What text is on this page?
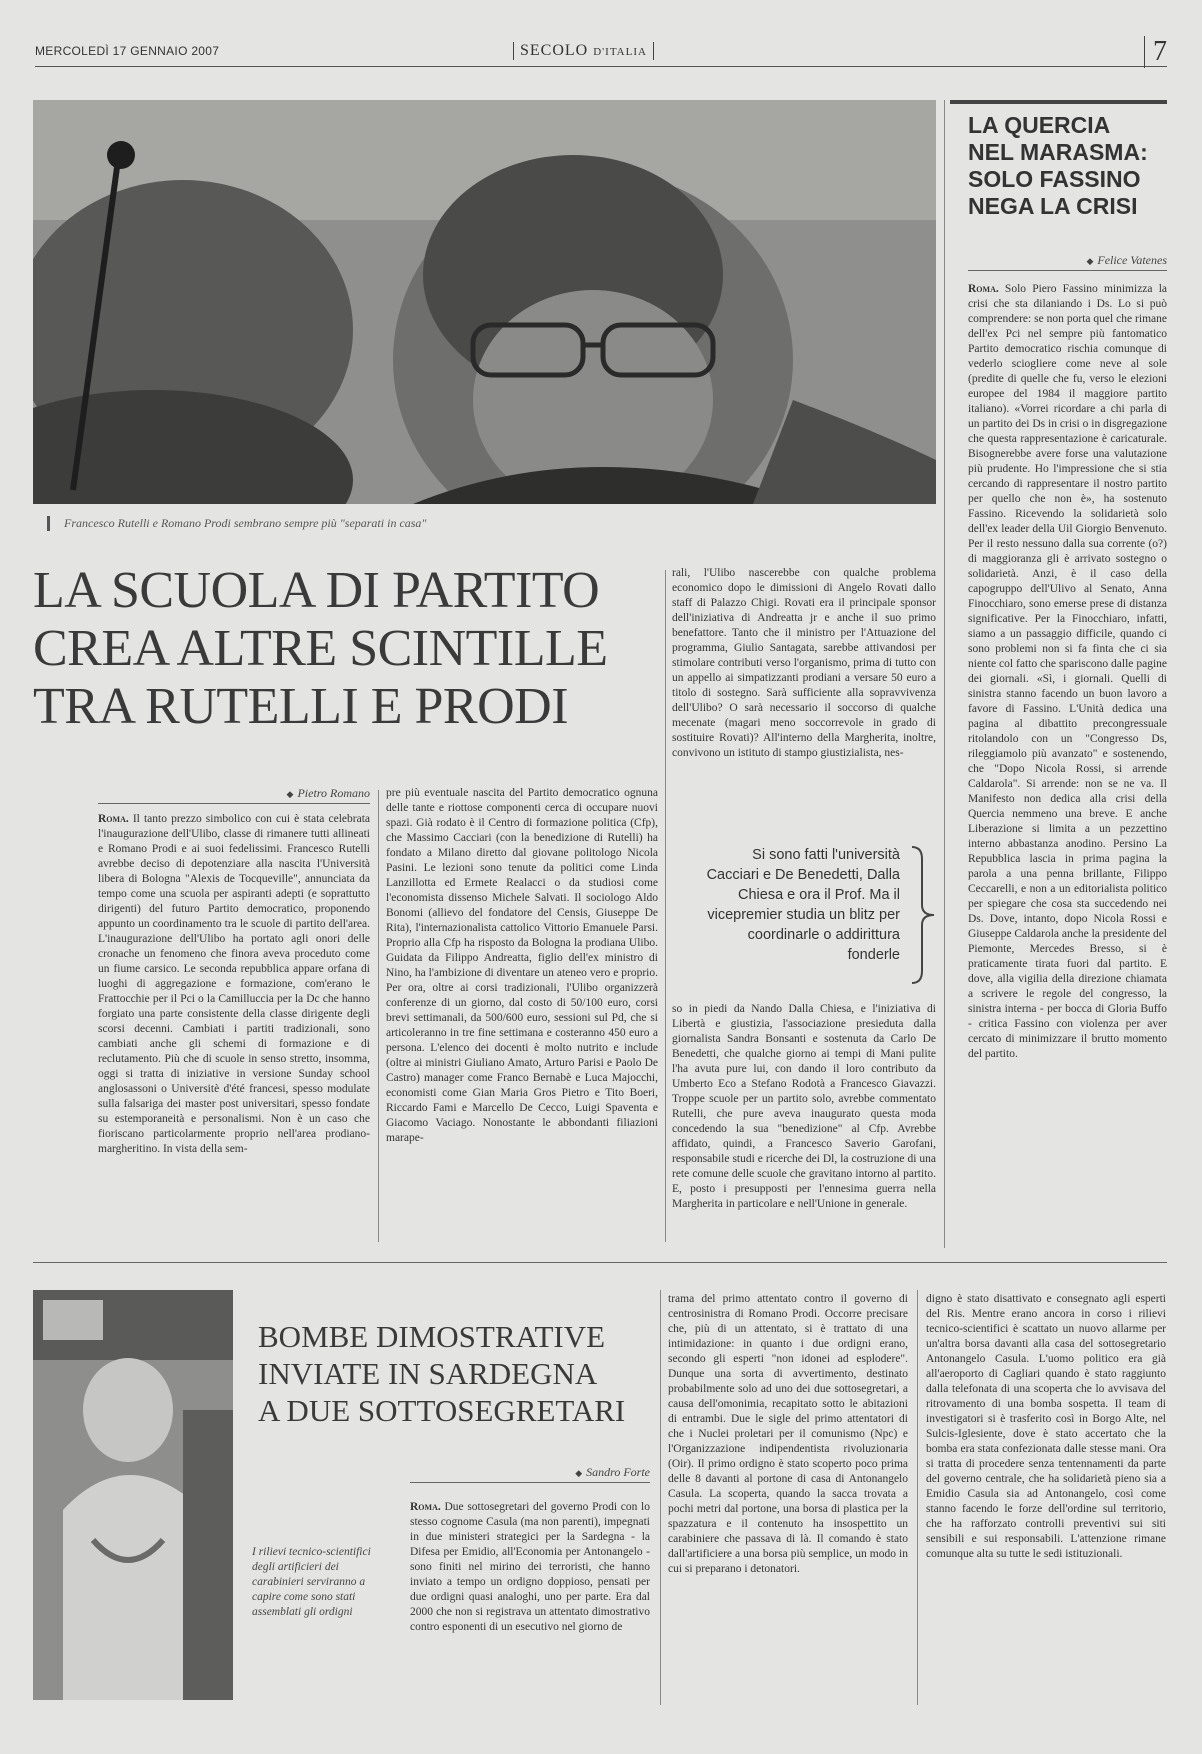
MERCOLEDÌ 17 GENNAIO 2007	SECOLO D'ITALIA	7
Francesco Rutelli e Romano Prodi sembrano sempre più "separati in casa"
LA SCUOLA DI PARTITO
CREA ALTRE SCINTILLE
TRA RUTELLI E PRODI
◆ Pietro Romano

Roma. Il tanto prezzo simbolico con cui è stata celebrata l'inaugurazione dell'Ulibo, classe di rimanere tutti allineati e Romano Prodi e ai suoi fedelissimi. Francesco Rutelli avrebbe deciso di depotenziare alla nascita l'Università libera di Bologna "Alexis de Tocqueville", annunciata da tempo come una scuola per aspiranti adepti (e soprattutto dirigenti) del futuro Partito democratico, proponendo appunto un coordinamento tra le scuole di partito dell'area. L'inaugurazione dell'Ulibo ha portato agli onori delle cronache un fenomeno che finora aveva proceduto come un fiume carsico. Le seconda repubblica appare orfana di luoghi di aggregazione e formazione, com'erano le Frattocchie per il Pci o la Camilluccia per la Dc che hanno forgiato una parte consistente della classe dirigente degli scorsi decenni. Cambiati i partiti tradizionali, sono cambiati anche gli schemi di formazione e di reclutamento. Più che di scuole in senso stretto, insomma, oggi si tratta di iniziative in versione Sunday school anglosassoni o Universitè d'été francesi, spesso modulate sulla falsariga dei master post universitari, spesso fondate su estemporaneità e personalismi. Non è un caso che fioriscano particolarmente proprio nell'area prodiano-margheritino. In vista della sem-

pre più eventuale nascita del Partito democratico ognuna delle tante e riottose componenti cerca di occupare nuovi spazi. Già rodato è il Centro di formazione politica (Cfp), che Massimo Cacciari (con la benedizione di Rutelli) ha fondato a Milano diretto dal giovane politologo Nicola Pasini. Le lezioni sono tenute da politici come Linda Lanzillotta ed Ermete Realacci o da studiosi come l'economista dissenso Michele Salvati. Il sociologo Aldo Bonomi (allievo del fondatore del Censis, Giuseppe De Rita), l'internazionalista cattolico Vittorio Emanuele Parsi. Proprio alla Cfp ha risposto da Bologna la prodiana Ulibo. Guidata da Filippo Andreatta, figlio dell'ex ministro di Nino, ha l'ambizione di diventare un ateneo vero e proprio. Per ora, oltre ai corsi tradizionali, l'Ulibo organizzerà conferenze di un giorno, dal costo di 50/100 euro, corsi brevi settimanali, da 500/600 euro, sessioni sul Pd, che si articoleranno in tre fine settimana e costeranno 450 euro a persona. L'elenco dei docenti è molto nutrito e include (oltre ai ministri Giuliano Amato, Arturo Parisi e Paolo De Castro) manager come Franco Bernabè e Luca Majocchi, economisti come Gian Maria Gros Pietro e Tito Boeri, Riccardo Fami e Marcello De Cecco, Luigi Spaventa e Giacomo Vaciago. Nonostante le abbondanti filiazioni marape-

rali, l'Ulibo nascerebbe con qualche problema economico dopo le dimissioni di Angelo Rovati dallo staff di Palazzo Chigi. Rovati era il principale sponsor dell'iniziativa di Andreatta jr e anche il suo primo benefattore. Tanto che il ministro per l'Attuazione del programma, Giulio Santagata, sarebbe attivandosi per stimolare contributi verso l'organismo, prima di tutto con un appello ai simpatizzanti prodiani a versare 50 euro a titolo di sostegno. Sarà sufficiente alla sopravvivenza dell'Ulibo? O sarà necessario il soccorso di qualche mecenate (magari meno soccorrevole in grado di sostituire Rovati)? All'interno della Margherita, inoltre, convivono un istituto di stampo giustizialista, nes-

Si sono fatti l'università Cacciari e De Benedetti, Dalla Chiesa e ora il Prof. Ma il vicepremier studia un blitz per coordinarle o addirittura fonderle

so in piedi da Nando Dalla Chiesa, e l'iniziativa di Libertà e giustizia, l'associazione presieduta dalla giornalista Sandra Bonsanti e sostenuta da Carlo De Benedetti, che qualche giorno ai tempi di Mani pulite l'ha avuta pure lui, con dando il loro contributo da Umberto Eco a Stefano Rodotà a Francesco Giavazzi. Troppe scuole per un partito solo, avrebbe commentato Rutelli, che pure aveva inaugurato questa moda concedendo la sua "benedizione" al Cfp. Avrebbe affidato, quindi, a Francesco Saverio Garofani, responsabile studi e ricerche dei Dl, la costruzione di una rete comune delle scuole che gravitano intorno al partito. E, posto i presupposti per l'ennesima guerra nella Margherita in particolare e nell'Unione in generale.

LA QUERCIA
NEL MARASMA:
SOLO FASSINO
NEGA LA CRISI
◆ Felice Vatenes

Roma. Solo Piero Fassino minimizza la crisi che sta dilaniando i Ds. Lo si può comprendere: se non porta quel che rimane dell'ex Pci nel sempre più fantomatico Partito democratico rischia comunque di vederlo sciogliere come neve al sole (predite di quelle che fu, verso le elezioni europee del 1984 il maggiore partito italiano). «Vorrei ricordare a chi parla di un partito dei Ds in crisi o in disgregazione che questa rappresentazione è caricaturale. Bisognerebbe avere forse una valutazione più prudente. Ho l'impressione che si stia cercando di rappresentare il nostro partito per quello che non è», ha sostenuto Fassino. Ricevendo la solidarietà solo dell'ex leader della Uil Giorgio Benvenuto. Per il resto nessuno dalla sua corrente (o?) di maggioranza gli è arrivato sostegno o solidarietà. Anzi, è il caso della capogruppo dell'Ulivo al Senato, Anna Finocchiaro, sono emerse prese di distanza significative. Per la Finocchiaro, infatti, siamo a un passaggio difficile, quando ci sono problemi non si fa finta che ci sia niente col fatto che spariscono dalle pagine dei giornali. «Sì, i giornali. Quelli di sinistra stanno facendo un buon lavoro a favore di Fassino. L'Unità dedica una pagina al dibattito precongressuale ritolandolo con un "Congresso Ds, rileggiamolo più avanzato" e sostenendo, che "Dopo Nicola Rossi, si arrende Caldarola". Si arrende: non se ne va. Il Manifesto non dedica alla crisi della Quercia nemmeno una breve. E anche Liberazione si limita a un pezzettino interno abbastanza anodino. Persino La Repubblica lascia in prima pagina la parola a una penna brillante, Filippo Ceccarelli, e non a un editorialista politico per spiegare che cosa sta succedendo nei Ds. Dove, intanto, dopo Nicola Rossi e Giuseppe Caldarola anche la presidente del Piemonte, Mercedes Bresso, si è praticamente tirata fuori dal partito. E dove, alla vigilia della direzione chiamata a scrivere le regole del congresso, la sinistra interna - per bocca di Gloria Buffo - critica Fassino con violenza per aver cercato di minimizzare il brutto momento del partito.

I rilievi tecnico-scientifici degli artificieri dei carabinieri serviranno a capire come sono stati assemblati gli ordigni
BOMBE DIMOSTRATIVE
INVIATE IN SARDEGNA
A DUE SOTTOSEGRETARI
◆ Sandro Forte

Roma. Due sottosegretari del governo Prodi con lo stesso cognome Casula (ma non parenti), impegnati in due ministeri strategici per la Sardegna - la Difesa per Emidio, all'Economia per Antonangelo - sono finiti nel mirino dei terroristi, che hanno inviato a tempo un ordigno doppioso, pensati per due ordigni quasi analoghi, uno per parte. Era dal 2000 che non si registrava un attentato dimostrativo contro esponenti di un esecutivo nel giorno de

trama del primo attentato contro il governo di centrosinistra di Romano Prodi. Occorre precisare che, più di un attentato, si è trattato di una intimidazione: in quanto i due ordigni erano, secondo gli esperti "non idonei ad esplodere". Dunque una sorta di avvertimento, destinato probabilmente solo ad uno dei due sottosegretari, a causa dell'omonimia, recapitato sotto le abitazioni di entrambi. Due le sigle del primo attentatori di che i Nuclei proletari per il comunismo (Npc) e l'Organizzazione indipendentista rivoluzionaria (Oir). Il primo ordigno è stato scoperto poco prima delle 8 davanti al portone di casa di Antonangelo Casula. La scoperta, quando la sacca trovata a pochi metri dal portone, una borsa di plastica per la spazzatura e il contenuto ha insospettito un carabiniere che passava di là. Il comando è stato dall'artificiere a una borsa più semplice, un modo in cui si preparano i detonatori.

digno è stato disattivato e consegnato agli esperti del Ris. Mentre erano ancora in corso i rilievi tecnico-scientifici è scattato un nuovo allarme per un'altra borsa davanti alla casa del sottosegretario Antonangelo Casula. L'uomo politico era già all'aeroporto di Cagliari quando è stato raggiunto dalla telefonata di una scoperta che lo avvisava del ritrovamento di una bomba sospetta. Il team di investigatori si è trasferito così in Borgo Alte, nel Sulcis-Iglesiente, dove è stato accertato che la bomba era stata confezionata dalle stesse mani. Ora si tratta di procedere senza tentennamenti da parte del governo centrale, che ha solidarietà pieno sia a Emidio Casula sia ad Antonangelo, così come stanno facendo le forze dell'ordine sul territorio, che ha rafforzato controlli preventivi sui siti sensibili e sui responsabili. L'attenzione rimane comunque alta su tutte le sedi istituzionali.
